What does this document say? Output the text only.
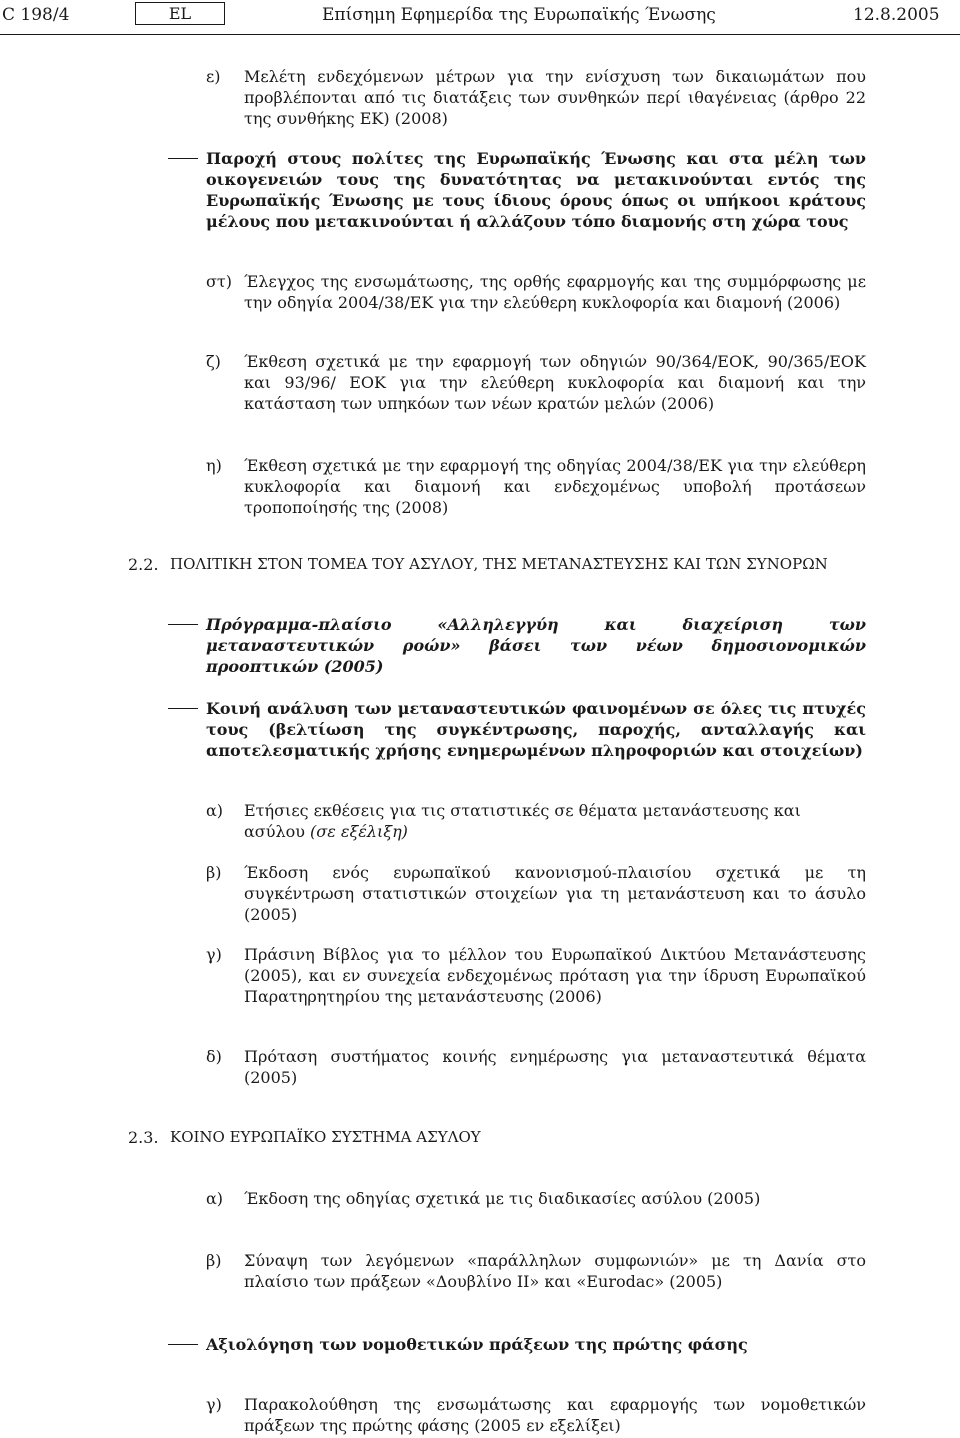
C 198/4	EL	Επίσημη Εφημερίδα της Ευρωπαϊκής Ένωσης	12.8.2005
ε)	Μελέτη ενδεχόμενων μέτρων για την ενίσχυση των δικαιωμάτων που προβλέπονται από τις διατάξεις των συνθηκών περί ιθαγένειας (άρθρο 22 της συνθήκης ΕΚ) (2008)
Παροχή στους πολίτες της Ευρωπαϊκής Ένωσης και στα μέλη των οικογενειών τους της δυνατότητας να μετακινούνται εντός της Ευρωπαϊκής Ένωσης με τους ίδιους όρους όπως οι υπήκοοι κράτους μέλους που μετακινούνται ή αλλάζουν τόπο διαμονής στη χώρα τους
στ) Έλεγχος της ενσωμάτωσης, της ορθής εφαρμογής και της συμμόρφωσης με την οδηγία 2004/38/ΕΚ για την ελεύθερη κυκλοφορία και διαμονή (2006)
ζ)	Έκθεση σχετικά με την εφαρμογή των οδηγιών 90/364/ΕΟΚ, 90/365/ΕΟΚ και 93/96/ ΕΟΚ για την ελεύθερη κυκλοφορία και διαμονή και την κατάσταση των υπηκόων των νέων κρατών μελών (2006)
η)	Έκθεση σχετικά με την εφαρμογή της οδηγίας 2004/38/ΕΚ για την ελεύθερη κυκλοφορία και διαμονή και ενδεχομένως υποβολή προτάσεων τροποποίησής της (2008)
2.2. ΠΟΛΙΤΙΚΗ ΣΤΟΝ ΤΟΜΕΑ ΤΟΥ ΑΣΥΛΟΥ, ΤΗΣ ΜΕΤΑΝΑΣΤΕΥΣΗΣ ΚΑΙ ΤΩΝ ΣΥΝΟΡΩΝ
Πρόγραμμα-πλαίσιο «Αλληλεγγύη και διαχείριση των μεταναστευτικών ροών» βάσει των νέων δημοσιονομικών προοπτικών (2005)
Κοινή ανάλυση των μεταναστευτικών φαινομένων σε όλες τις πτυχές τους (βελτίωση της συγκέντρωσης, παροχής, ανταλλαγής και αποτελεσματικής χρήσης ενημερωμένων πληροφοριών και στοιχείων)
α)	Ετήσιες εκθέσεις για τις στατιστικές σε θέματα μετανάστευσης και ασύλου (σε εξέλιξη)
β)	Έκδοση ενός ευρωπαϊκού κανονισμού-πλαισίου σχετικά με τη συγκέντρωση στατιστικών στοιχείων για τη μετανάστευση και το άσυλο (2005)
γ)	Πράσινη Βίβλος για το μέλλον του Ευρωπαϊκού Δικτύου Μετανάστευσης (2005), και εν συνεχεία ενδεχομένως πρόταση για την ίδρυση Ευρωπαϊκού Παρατηρητηρίου της μετανάστευσης (2006)
δ)	Πρόταση συστήματος κοινής ενημέρωσης για μεταναστευτικά θέματα (2005)
2.3. ΚΟΙΝΟ ΕΥΡΩΠΑΪΚΟ ΣΥΣΤΗΜΑ ΑΣΥΛΟΥ
α)	Έκδοση της οδηγίας σχετικά με τις διαδικασίες ασύλου (2005)
β)	Σύναψη των λεγόμενων «παράλληλων συμφωνιών» με τη Δανία στο πλαίσιο των πράξεων «Δουβλίνο ΙΙ» και «Eurodac» (2005)
Αξιολόγηση των νομοθετικών πράξεων της πρώτης φάσης
γ)	Παρακολούθηση της ενσωμάτωσης και εφαρμογής των νομοθετικών πράξεων της πρώτης φάσης (2005 εν εξελίξει)
